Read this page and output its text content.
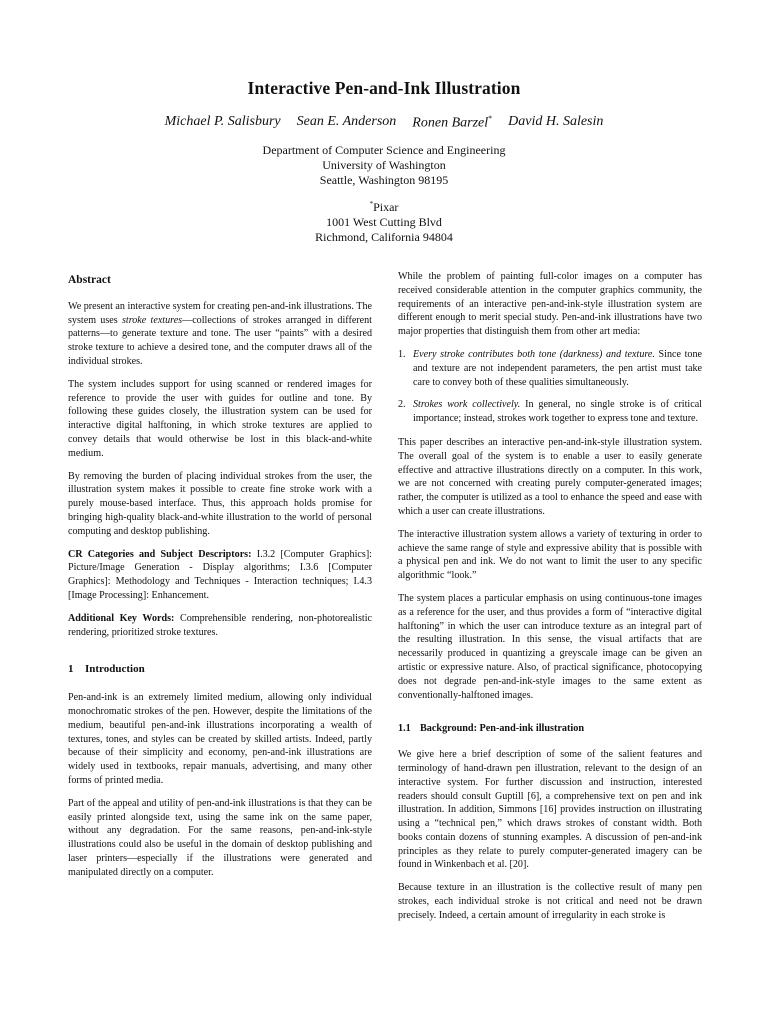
Interactive Pen-and-Ink Illustration
Michael P. Salisbury Sean E. Anderson Ronen Barzel* David H. Salesin
Department of Computer Science and Engineering
University of Washington
Seattle, Washington 98195
*Pixar
1001 West Cutting Blvd
Richmond, California 94804
Abstract

We present an interactive system for creating pen-and-ink illustrations. The system uses stroke textures—collections of strokes arranged in different patterns—to generate texture and tone. The user “paints” with a desired stroke texture to achieve a desired tone, and the computer draws all of the individual strokes.

The system includes support for using scanned or rendered images for reference to provide the user with guides for outline and tone. By following these guides closely, the illustration system can be used for interactive digital halftoning, in which stroke textures are applied to convey details that would otherwise be lost in this black-and-white medium.

By removing the burden of placing individual strokes from the user, the illustration system makes it possible to create fine stroke work with a purely mouse-based interface. Thus, this approach holds promise for bringing high-quality black-and-white illustration to the world of personal computing and desktop publishing.

CR Categories and Subject Descriptors: I.3.2 [Computer Graphics]: Picture/Image Generation - Display algorithms; I.3.6 [Computer Graphics]: Methodology and Techniques - Interaction techniques; I.4.3 [Image Processing]: Enhancement.

Additional Key Words: Comprehensible rendering, non-photorealistic rendering, prioritized stroke textures.

1 Introduction

Pen-and-ink is an extremely limited medium, allowing only individual monochromatic strokes of the pen. However, despite the limitations of the medium, beautiful pen-and-ink illustrations incorporating a wealth of textures, tones, and styles can be created by skilled artists. Indeed, partly because of their simplicity and economy, pen-and-ink illustrations are widely used in textbooks, repair manuals, advertising, and many other forms of printed media.

Part of the appeal and utility of pen-and-ink illustrations is that they can be easily printed alongside text, using the same ink on the same paper, without any degradation. For the same reasons, pen-and-ink-style illustrations could also be useful in the domain of desktop publishing and laser printers—especially if the illustrations were generated and manipulated directly on a computer.

While the problem of painting full-color images on a computer has received considerable attention in the computer graphics community, the requirements of an interactive pen-and-ink-style illustration system are different enough to merit special study. Pen-and-ink illustrations have two major properties that distinguish them from other art media:

1. Every stroke contributes both tone (darkness) and texture. Since tone and texture are not independent parameters, the pen artist must take care to convey both of these qualities simultaneously.
2. Strokes work collectively. In general, no single stroke is of critical importance; instead, strokes work together to express tone and texture.

This paper describes an interactive pen-and-ink-style illustration system. The overall goal of the system is to enable a user to easily generate effective and attractive illustrations directly on a computer. In this work, we are not concerned with creating purely computer-generated images; rather, the computer is utilized as a tool to enhance the speed and ease with which a user can create illustrations.

The interactive illustration system allows a variety of texturing in order to achieve the same range of style and expressive ability that is possible with a physical pen and ink. We do not want to limit the user to any specific algorithmic “look.”

The system places a particular emphasis on using continuous-tone images as a reference for the user, and thus provides a form of “interactive digital halftoning” in which the user can introduce texture as an integral part of the resulting illustration. In this sense, the visual artifacts that are necessarily produced in quantizing a greyscale image can be given an artistic or expressive nature. Also, of practical significance, photocopying does not degrade pen-and-ink-style images to the same extent as conventionally-halftoned images.

1.1 Background: Pen-and-ink illustration

We give here a brief description of some of the salient features and terminology of hand-drawn pen illustration, relevant to the design of an interactive system. For further discussion and instruction, interested readers should consult Guptill [6], a comprehensive text on pen and ink illustration. In addition, Simmons [16] provides instruction on illustrating using a “technical pen,” which draws strokes of constant width. Both books contain dozens of stunning examples. A discussion of pen-and-ink principles as they relate to purely computer-generated imagery can be found in Winkenbach et al. [20].

Because texture in an illustration is the collective result of many pen strokes, each individual stroke is not critical and need not be drawn precisely. Indeed, a certain amount of irregularity in each stroke is
